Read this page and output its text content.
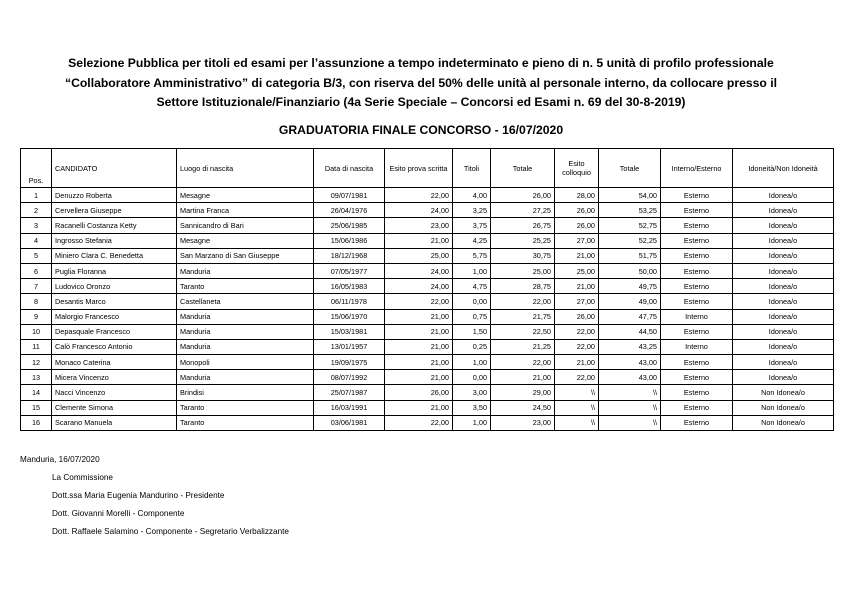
Selezione Pubblica per titoli ed esami per l’assunzione a tempo indeterminato e pieno di n. 5 unità di profilo professionale
“Collaboratore Amministrativo” di categoria B/3, con riserva del 50% delle unità al personale interno, da collocare presso il
Settore Istituzionale/Finanziario (4a Serie Speciale – Concorsi ed Esami n. 69 del 30-8-2019)
GRADUATORIA FINALE CONCORSO - 16/07/2020
Pos.	CANDIDATO	Luogo di nascita	Data di nascita	Esito prova scritta	Titoli	Totale	Esito colloquio	Totale	Interno/Esterno	Idoneità/Non Idoneità
1	Denuzzo Roberta	Mesagne	09/07/1981	22,00	4,00	26,00	28,00	54,00	Esterno	Idonea/o
2	Cervellera Giuseppe	Martina Franca	26/04/1976	24,00	3,25	27,25	26,00	53,25	Esterno	Idonea/o
3	Racanelli Costanza Ketty	Sannicandro di Bari	25/06/1985	23,00	3,75	26,75	26,00	52,75	Esterno	Idonea/o
4	Ingrosso Stefania	Mesagne	15/06/1986	21,00	4,25	25,25	27,00	52,25	Esterno	Idonea/o
5	Miniero Clara C. Benedetta	San Marzano di San Giuseppe	18/12/1968	25,00	5,75	30,75	21,00	51,75	Esterno	Idonea/o
6	Puglia Floranna	Manduria	07/05/1977	24,00	1,00	25,00	25,00	50,00	Esterno	Idonea/o
7	Ludovico Oronzo	Taranto	16/05/1983	24,00	4,75	28,75	21,00	49,75	Esterno	Idonea/o
8	Desantis Marco	Castellaneta	06/11/1978	22,00	0,00	22,00	27,00	49,00	Esterno	Idonea/o
9	Malorgio Francesco	Manduria	15/06/1970	21,00	0,75	21,75	26,00	47,75	Interno	Idonea/o
10	Depasquale Francesco	Manduria	15/03/1981	21,00	1,50	22,50	22,00	44,50	Esterno	Idonea/o
11	Calò Francesco Antonio	Manduria	13/01/1957	21,00	0,25	21,25	22,00	43,25	Interno	Idonea/o
12	Monaco Caterina	Monopoli	19/09/1975	21,00	1,00	22,00	21,00	43,00	Esterno	Idonea/o
13	Micera Vincenzo	Manduria	08/07/1992	21,00	0,00	21,00	22,00	43,00	Esterno	Idonea/o
14	Nacci Vincenzo	Brindisi	25/07/1987	26,00	3,00	29,00	\\	\\	Esterno	Non Idonea/o
15	Clemente Simona	Taranto	16/03/1991	21,00	3,50	24,50	\\	\\	Esterno	Non Idonea/o
16	Scarano Manuela	Taranto	03/06/1981	22,00	1,00	23,00	\\	\\	Esterno	Non Idonea/o
Manduria, 16/07/2020
La Commissione
Dott.ssa Maria Eugenia Mandurino - Presidente
Dott. Giovanni Morelli - Componente
Dott. Raffaele Salamino - Componente - Segretario Verbalizzante
